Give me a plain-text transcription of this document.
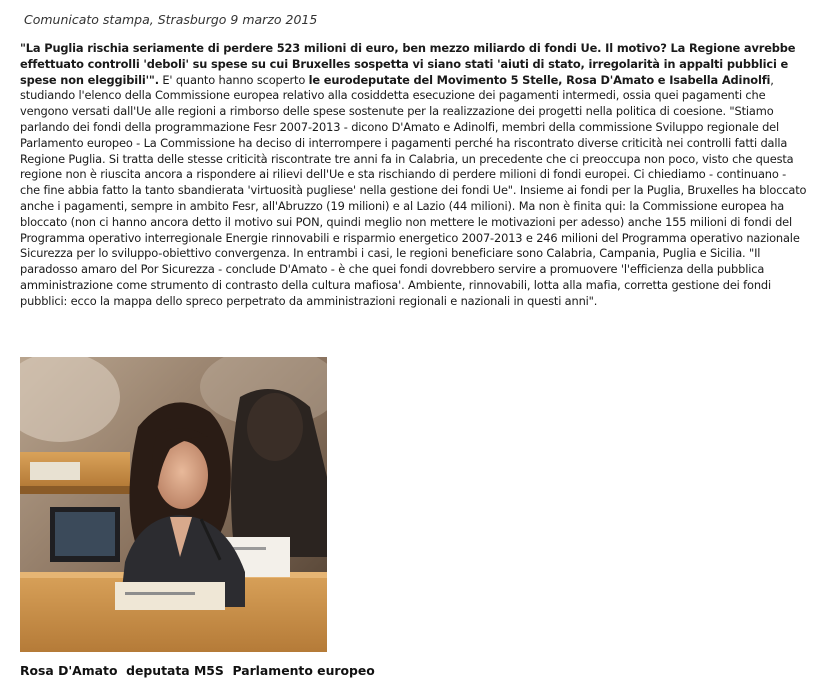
Comunicato stampa, Strasburgo 9 marzo 2015

"La Puglia rischia seriamente di perdere 523 milioni di euro, ben mezzo miliardo di fondi Ue. Il motivo? La Regione avrebbe effettuato controlli 'deboli' su spese su cui Bruxelles sospetta vi siano stati 'aiuti di stato, irregolarità in appalti pubblici e spese non eleggibili'". E' quanto hanno scoperto le eurodeputate del Movimento 5 Stelle, Rosa D'Amato e Isabella Adinolfi, studiando l'elenco della Commissione europea relativo alla cosiddetta esecuzione dei pagamenti intermedi, ossia quei pagamenti che vengono versati dall'Ue alle regioni a rimborso delle spese sostenute per la realizzazione dei progetti nella politica di coesione. "Stiamo parlando dei fondi della programmazione Fesr 2007-2013 - dicono D'Amato e Adinolfi, membri della commissione Sviluppo regionale del Parlamento europeo - La Commissione ha deciso di interrompere i pagamenti perché ha riscontrato diverse criticità nei controlli fatti dalla Regione Puglia. Si tratta delle stesse criticità riscontrate tre anni fa in Calabria, un precedente che ci preoccupa non poco, visto che questa regione non è riuscita ancora a rispondere ai rilievi dell'Ue e sta rischiando di perdere milioni di fondi europei. Ci chiediamo - continuano - che fine abbia fatto la tanto sbandierata 'virtuosità pugliese' nella gestione dei fondi Ue". Insieme ai fondi per la Puglia, Bruxelles ha bloccato anche i pagamenti, sempre in ambito Fesr, all'Abruzzo (19 milioni) e al Lazio (44 milioni). Ma non è finita qui: la Commissione europea ha bloccato (non ci hanno ancora detto il motivo sui PON, quindi meglio non mettere le motivazioni per adesso) anche 155 milioni di fondi del Programma operativo interregionale Energie rinnovabili e risparmio energetico 2007-2013 e 246 milioni del Programma operativo nazionale Sicurezza per lo sviluppo-obiettivo convergenza. In entrambi i casi, le regioni beneficiare sono Calabria, Campania, Puglia e Sicilia. "Il paradosso amaro del Por Sicurezza - conclude D'Amato - è che quei fondi dovrebbero servire a promuovere 'l'efficienza della pubblica amministrazione come strumento di contrasto della cultura mafiosa'. Ambiente, rinnovabili, lotta alla mafia, corretta gestione dei fondi pubblici: ecco la mappa dello spreco perpetrato da amministrazioni regionali e nazionali in questi anni".

Rosa D'Amato  deputata M5S  Parlamento europeo
